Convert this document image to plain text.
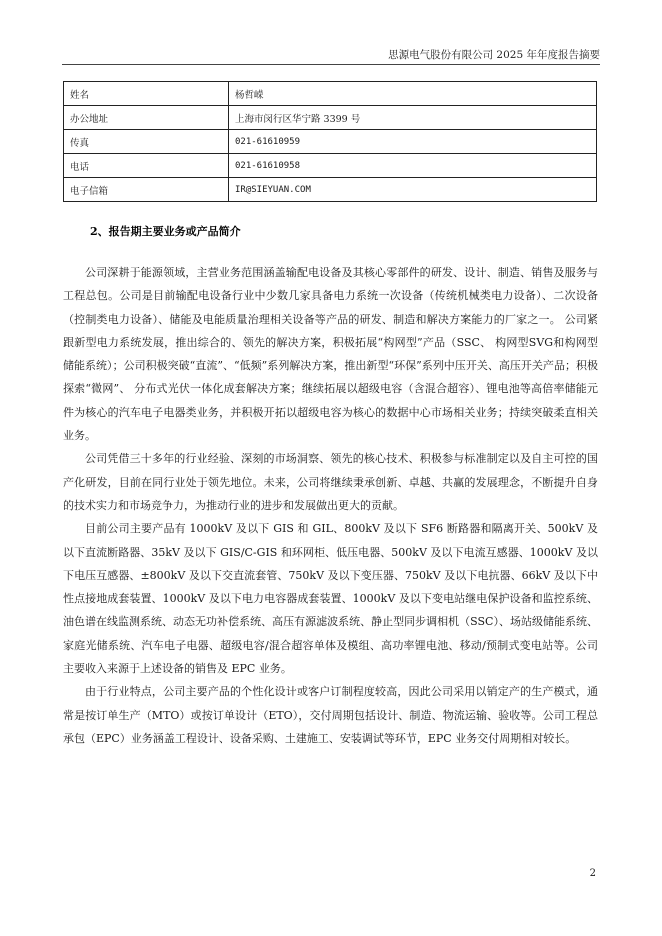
思源电气股份有限公司 2025 年年度报告摘要
姓名	杨哲嵘
办公地址	上海市闵行区华宁路 3399 号
传真	021-61610959
电话	021-61610958
电子信箱	IR@SIEYUAN.COM
2、报告期主要业务或产品简介

公司深耕于能源领域，主营业务范围涵盖输配电设备及其核心零部件的研发、设计、制造、销售及服务与工程总包。公司是目前输配电设备行业中少数几家具备电力系统一次设备（传统机械类电力设备）、二次设备（控制类电力设备）、储能及电能质量治理相关设备等产品的研发、制造和解决方案能力的厂家之一。 公司紧跟新型电力系统发展，推出综合的、领先的解决方案，积极拓展“构网型”产品（SSC、 构网型SVG和构网型储能系统）；公司积极突破“直流”、“低频”系列解决方案，推出新型“环保”系列中压开关、高压开关产品；积极探索“微网”、 分布式光伏一体化成套解决方案；继续拓展以超级电容（含混合超容）、锂电池等高倍率储能元件为核心的汽车电子电器类业务，并积极开拓以超级电容为核心的数据中心市场相关业务；持续突破柔直相关业务。

公司凭借三十多年的行业经验、深刻的市场洞察、领先的核心技术、积极参与标准制定以及自主可控的国产化研发，目前在同行业处于领先地位。未来，公司将继续秉承创新、卓越、共赢的发展理念，不断提升自身的技术实力和市场竞争力，为推动行业的进步和发展做出更大的贡献。

目前公司主要产品有 1000kV 及以下 GIS 和 GIL、800kV 及以下 SF6 断路器和隔离开关、500kV 及以下直流断路器、35kV 及以下 GIS/C-GIS 和环网柜、低压电器、500kV 及以下电流互感器、1000kV 及以下电压互感器、±800kV 及以下交直流套管、750kV 及以下变压器、750kV 及以下电抗器、66kV 及以下中性点接地成套装置、1000kV 及以下电力电容器成套装置、1000kV 及以下变电站继电保护设备和监控系统、油色谱在线监测系统、动态无功补偿系统、高压有源滤波系统、静止型同步调相机（SSC）、场站级储能系统、家庭光储系统、汽车电子电器、超级电容/混合超容单体及模组、高功率锂电池、移动/预制式变电站等。公司主要收入来源于上述设备的销售及 EPC 业务。

由于行业特点，公司主要产品的个性化设计或客户订制程度较高，因此公司采用以销定产的生产模式，通常是按订单生产（MTO）或按订单设计（ETO），交付周期包括设计、制造、物流运输、验收等。公司工程总承包（EPC）业务涵盖工程设计、设备采购、土建施工、安装调试等环节，EPC 业务交付周期相对较长。

2
